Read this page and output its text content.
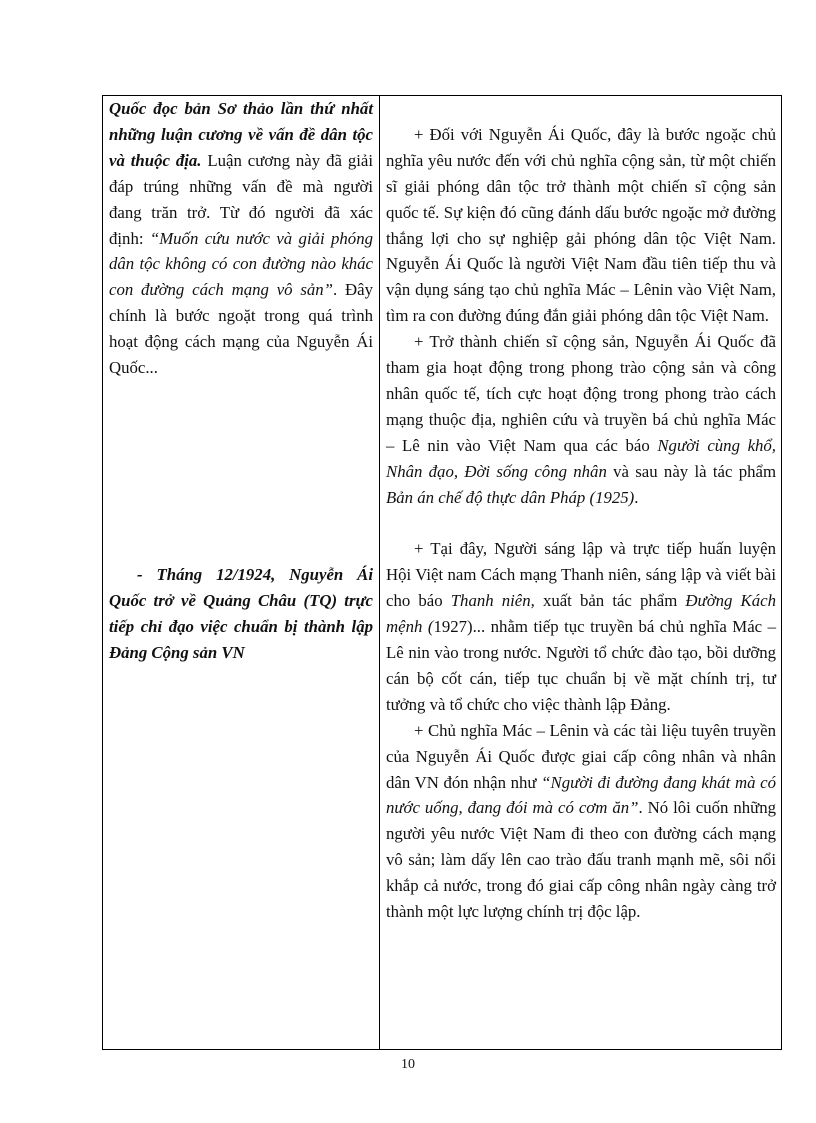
Quốc đọc bản Sơ thảo lần thứ nhất những luận cương về vấn đề dân tộc và thuộc địa. Luận cương này đã giải đáp trúng những vấn đề mà người đang trăn trở. Từ đó người đã xác định: “Muốn cứu nước và giải phóng dân tộc không có con đường nào khác con đường cách mạng vô sản”. Đây chính là bước ngoặt trong quá trình hoạt động cách mạng của Nguyễn Ái Quốc...

- Tháng 12/1924, Nguyễn Ái Quốc trở về Quảng Châu (TQ) trực tiếp chỉ đạo việc chuẩn bị thành lập Đảng Cộng sản VN

+ Đối với Nguyễn Ái Quốc, đây là bước ngoặc chủ nghĩa yêu nước đến với chủ nghĩa cộng sản, từ một chiến sĩ giải phóng dân tộc trở thành một chiến sĩ cộng sản quốc tế. Sự kiện đó cũng đánh dấu bước ngoặc mở đường thắng lợi cho sự nghiệp gải phóng dân tộc Việt Nam. Nguyễn Ái Quốc là người Việt Nam đầu tiên tiếp thu và vận dụng sáng tạo chủ nghĩa Mác – Lênin vào Việt Nam, tìm ra con đường đúng đắn giải phóng dân tộc Việt Nam.

+ Trở thành chiến sĩ cộng sản, Nguyễn Ái Quốc đã tham gia hoạt động trong phong trào cộng sản và công nhân quốc tế, tích cực hoạt động trong phong trào cách mạng thuộc địa, nghiên cứu và truyền bá chủ nghĩa Mác – Lê nin vào Việt Nam qua các báo Người cùng khổ, Nhân đạo, Đời sống công nhân và sau này là tác phẩm Bản án chế độ thực dân Pháp (1925).

+ Tại đây, Người sáng lập và trực tiếp huấn luyện Hội Việt nam Cách mạng Thanh niên, sáng lập và viết bài cho báo Thanh niên, xuất bản tác phẩm Đường Kách mệnh (1927)... nhằm tiếp tục truyền bá chủ nghĩa Mác – Lê nin vào trong nước. Người tổ chức đào tạo, bồi dưỡng cán bộ cốt cán, tiếp tục chuẩn bị về mặt chính trị, tư tưởng và tổ chức cho việc thành lập Đảng.

+ Chủ nghĩa Mác – Lênin và các tài liệu tuyên truyền của Nguyễn Ái Quốc được giai cấp công nhân và nhân dân VN đón nhận như “Người đi đường đang khát mà có nước uống, đang đói mà có cơm ăn”. Nó lôi cuốn những người yêu nước Việt Nam đi theo con đường cách mạng vô sản; làm dấy lên cao trào đấu tranh mạnh mẽ, sôi nổi khắp cả nước, trong đó giai cấp công nhân ngày càng trở thành một lực lượng chính trị độc lập.

10
